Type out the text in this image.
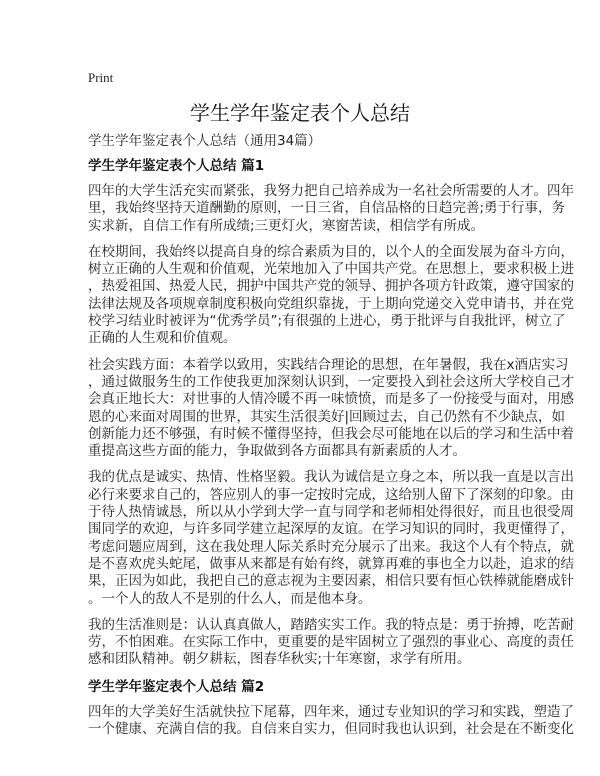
Print
学生学年鉴定表个人总结
学生学年鉴定表个人总结（通用34篇）
学生学年鉴定表个人总结 篇1
四年的大学生活充实而紧张，我努力把自己培养成为一名社会所需要的人才。四年
里，我始终坚持天道酬勤的原则，一日三省，自信品格的日趋完善;勇于行事，务
实求新，自信工作有所成绩;三更灯火，寒窗苦读，相信学有所成。
在校期间，我始终以提高自身的综合素质为目的，以个人的全面发展为奋斗方向，
树立正确的人生观和价值观，光荣地加入了中国共产党。在思想上，要求积极上进
，热爱祖国、热爱人民，拥护中国共产党的领导、拥护各项方针政策，遵守国家的
法律法规及各项规章制度积极向党组织靠拢，于上期向党递交入党申请书，并在党
校学习结业时被评为“优秀学员”;有很强的上进心，勇于批评与自我批评，树立了
正确的人生观和价值观。
社会实践方面：本着学以致用，实践结合理论的思想，在年暑假，我在x酒店实习
，通过做服务生的工作使我更加深刻认识到，一定要投入到社会这所大学校自己才
会真正地长大：对世事的人情冷暖不再一味愤愤，而是多了一份接受与面对，用感
恩的心来面对周围的世界，其实生活很美好|回顾过去，自己仍然有不少缺点，如
创新能力还不够强，有时候不懂得坚持，但我会尽可能地在以后的学习和生活中着
重提高这些方面的能力，争取做到各方面都具有新素质的人才。
我的优点是诚实、热情、性格坚毅。我认为诚信是立身之本，所以我一直是以言出
必行来要求自己的，答应别人的事一定按时完成，这给别人留下了深刻的印象。由
于待人热情诚恳，所以从小学到大学一直与同学和老师相处得很好，而且也很受周
围同学的欢迎，与许多同学建立起深厚的友谊。在学习知识的同时，我更懂得了，
考虑问题应周到，这在我处理人际关系时充分展示了出来。我这个人有个特点，就
是不喜欢虎头蛇尾，做事从来都是有始有终，就算再难的事也全力以赴，追求的结
果，正因为如此，我把自己的意志视为主要因素，相信只要有恒心铁棒就能磨成针
。一个人的敌人不是别的什么人，而是他本身。
我的生活准则是：认认真真做人，踏踏实实工作。我的特点是：勇于拚搏，吃苦耐
劳，不怕困难。在实际工作中，更重要的是牢固树立了强烈的事业心、高度的责任
感和团队精神。朝夕耕耘，图春华秋实;十年寒窗，求学有所用。
学生学年鉴定表个人总结 篇2
四年的大学美好生活就快拉下尾幕，四年来，通过专业知识的学习和实践，塑造了
一个健康、充满自信的我。自信来自实力，但同时我也认识到，社会是在不断变化
